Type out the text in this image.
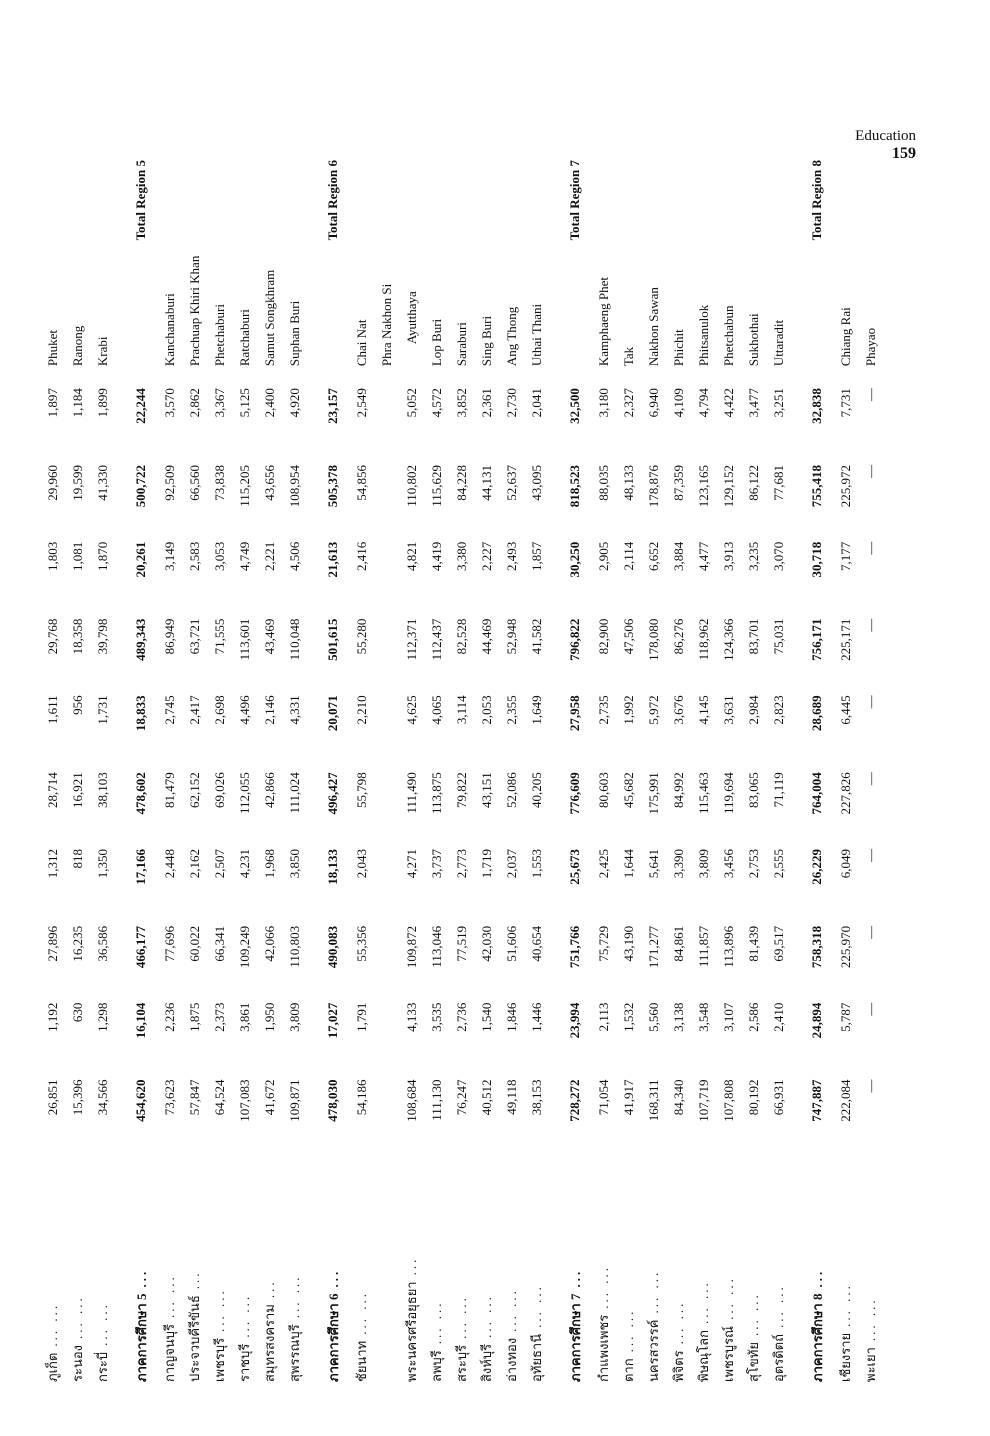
Education
159
ภูเก็ต... ...	26,851	1,192	27,896	1,312	28,714	1,611	29,768	1,803	29,960	1,897	Phuket
ระนอง... ...	15,396	630	16,235	818	16,921	956	18,358	1,081	19,599	1,184	Ranong
กระบี่... ...	34,566	1,298	36,586	1,350	38,103	1,731	39,798	1,870	41,330	1,899	Krabi
ภาคการศึกษา 5...	454,620	16,104	466,177	17,166	478,602	18,833	489,343	20,261	500,722	22,244	Total Region 5
กาญจนบุรี... ...	73,623	2,236	77,696	2,448	81,479	2,745	86,949	3,149	92,509	3,570	Kanchanaburi
ประจวบคีรีขันธ์...	57,847	1,875	60,022	2,162	62,152	2,417	63,721	2,583	66,560	2,862	Prachuap Khiri Khan
เพชรบุรี... ...	64,524	2,373	66,341	2,507	69,026	2,698	71,555	3,053	73,838	3,367	Phetchaburi
ราชบุรี... ...	107,083	3,861	109,249	4,231	112,055	4,496	113,601	4,749	115,205	5,125	Ratchaburi
สมุทรสงคราม...	41,672	1,950	42,066	1,968	42,866	2,146	43,469	2,221	43,656	2,400	Samut Songkhram
สุพรรณบุรี... ...	109,871	3,809	110,803	3,850	111,024	4,331	110,048	4,506	108,954	4,920	Suphan Buri
ภาคการศึกษา 6...	478,030	17,027	490,083	18,133	496,427	20,071	501,615	21,613	505,378	23,157	Total Region 6
ชัยนาท... ...	54,186	1,791	55,356	2,043	55,798	2,210	55,280	2,416	54,856	2,549	Chai Nat
											Phra Nakhon Si
พระนครศรีอยุธยา...	108,684	4,133	109,872	4,271	111,490	4,625	112,371	4,821	110,802	5,052	Ayutthaya
ลพบุรี... ...	111,130	3,535	113,046	3,737	113,875	4,065	112,437	4,419	115,629	4,572	Lop Buri
สระบุรี... ...	76,247	2,736	77,519	2,773	79,822	3,114	82,528	3,380	84,228	3,852	Saraburi
สิงห์บุรี... ...	40,512	1,540	42,030	1,719	43,151	2,053	44,469	2,227	44,131	2,361	Sing Buri
อ่างทอง... ...	49,118	1,846	51,606	2,037	52,086	2,355	52,948	2,493	52,637	2,730	Ang Thong
อุทัยธานี... ...	38,153	1,446	40,654	1,553	40,205	1,649	41,582	1,857	43,095	2,041	Uthai Thani
ภาคการศึกษา 7...	728,272	23,994	751,766	25,673	776,609	27,958	796,822	30,250	818,523	32,500	Total Region 7
กำแพงเพชร... ...	71,054	2,113	75,729	2,425	80,603	2,735	82,900	2,905	88,035	3,180	Kamphaeng Phet
ตาก... ...	41,917	1,532	43,190	1,644	45,682	1,992	47,506	2,114	48,133	2,327	Tak
นครสวรรค์... ...	168,311	5,560	171,277	5,641	175,991	5,972	178,080	6,652	178,876	6,940	Nakhon Sawan
พิจิตร... ...	84,340	3,138	84,861	3,390	84,992	3,676	86,276	3,884	87,359	4,109	Phichit
พิษณุโลก... ...	107,719	3,548	111,857	3,809	115,463	4,145	118,962	4,477	123,165	4,794	Phitsanulok
เพชรบูรณ์... ...	107,808	3,107	113,896	3,456	119,694	3,631	124,366	3,913	129,152	4,422	Phetchabun
สุโขทัย... ...	80,192	2,586	81,439	2,753	83,065	2,984	83,701	3,235	86,122	3,477	Sukhothai
อุตรดิตถ์... ...	66,931	2,410	69,517	2,555	71,119	2,823	75,031	3,070	77,681	3,251	Uttaradit
ภาคการศึกษา 8...	747,887	24,894	758,318	26,229	764,004	28,689	756,171	30,718	755,418	32,838	Total Region 8
เชียงราย... ...	222,084	5,787	225,970	6,049	227,826	6,445	225,171	7,177	225,972	7,731	Chiang Rai
พะเยา... ...	—	—	—	—	—	—	—	—	—	—	Phayao
